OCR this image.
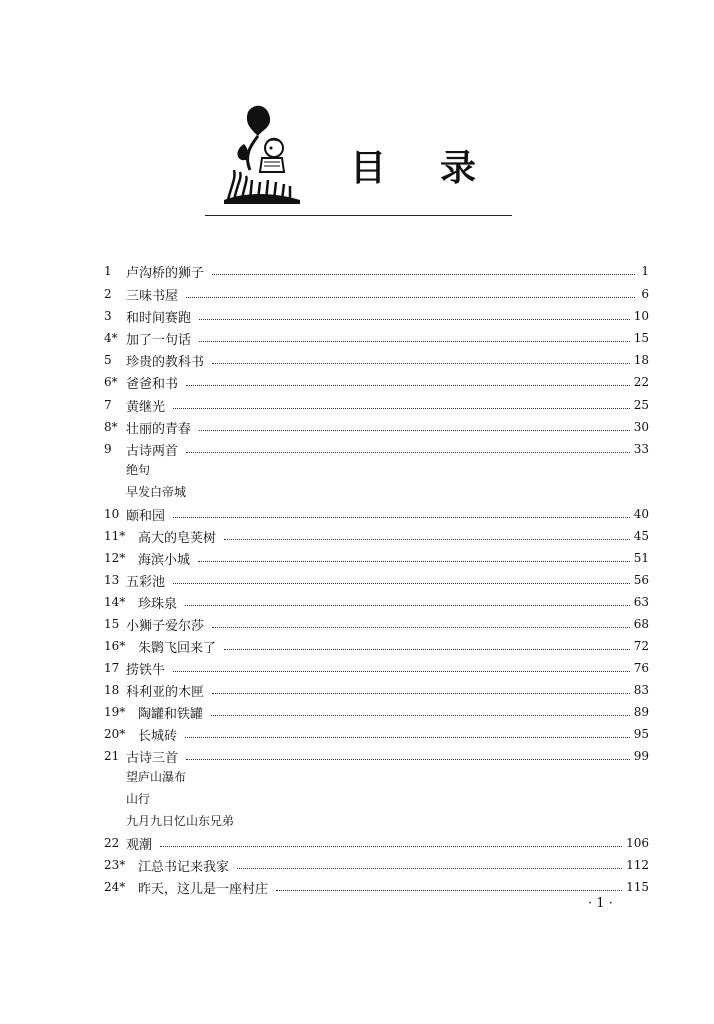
目 录
1	卢沟桥的狮子	1
2	三味书屋	6
3	和时间赛跑	10
4* 加了一句话	15
5	珍贵的教科书	18
6* 爸爸和书	22
7	黄继光	25
8* 壮丽的青春	30
9	古诗两首	33
绝句
早发白帝城
10 颐和园	40
11* 高大的皂荚树	45
12* 海滨小城	51
13 五彩池	56
14* 珍珠泉	63
15 小狮子爱尔莎	68
16* 朱鹮飞回来了	72
17 捞铁牛	76
18 科利亚的木匣	83
19* 陶罐和铁罐	89
20* 长城砖	95
21 古诗三首	99
望庐山瀑布
山行
九月九日忆山东兄弟
22 观潮	106
23* 江总书记来我家	112
24* 昨天，这儿是一座村庄	115
· 1 ·
